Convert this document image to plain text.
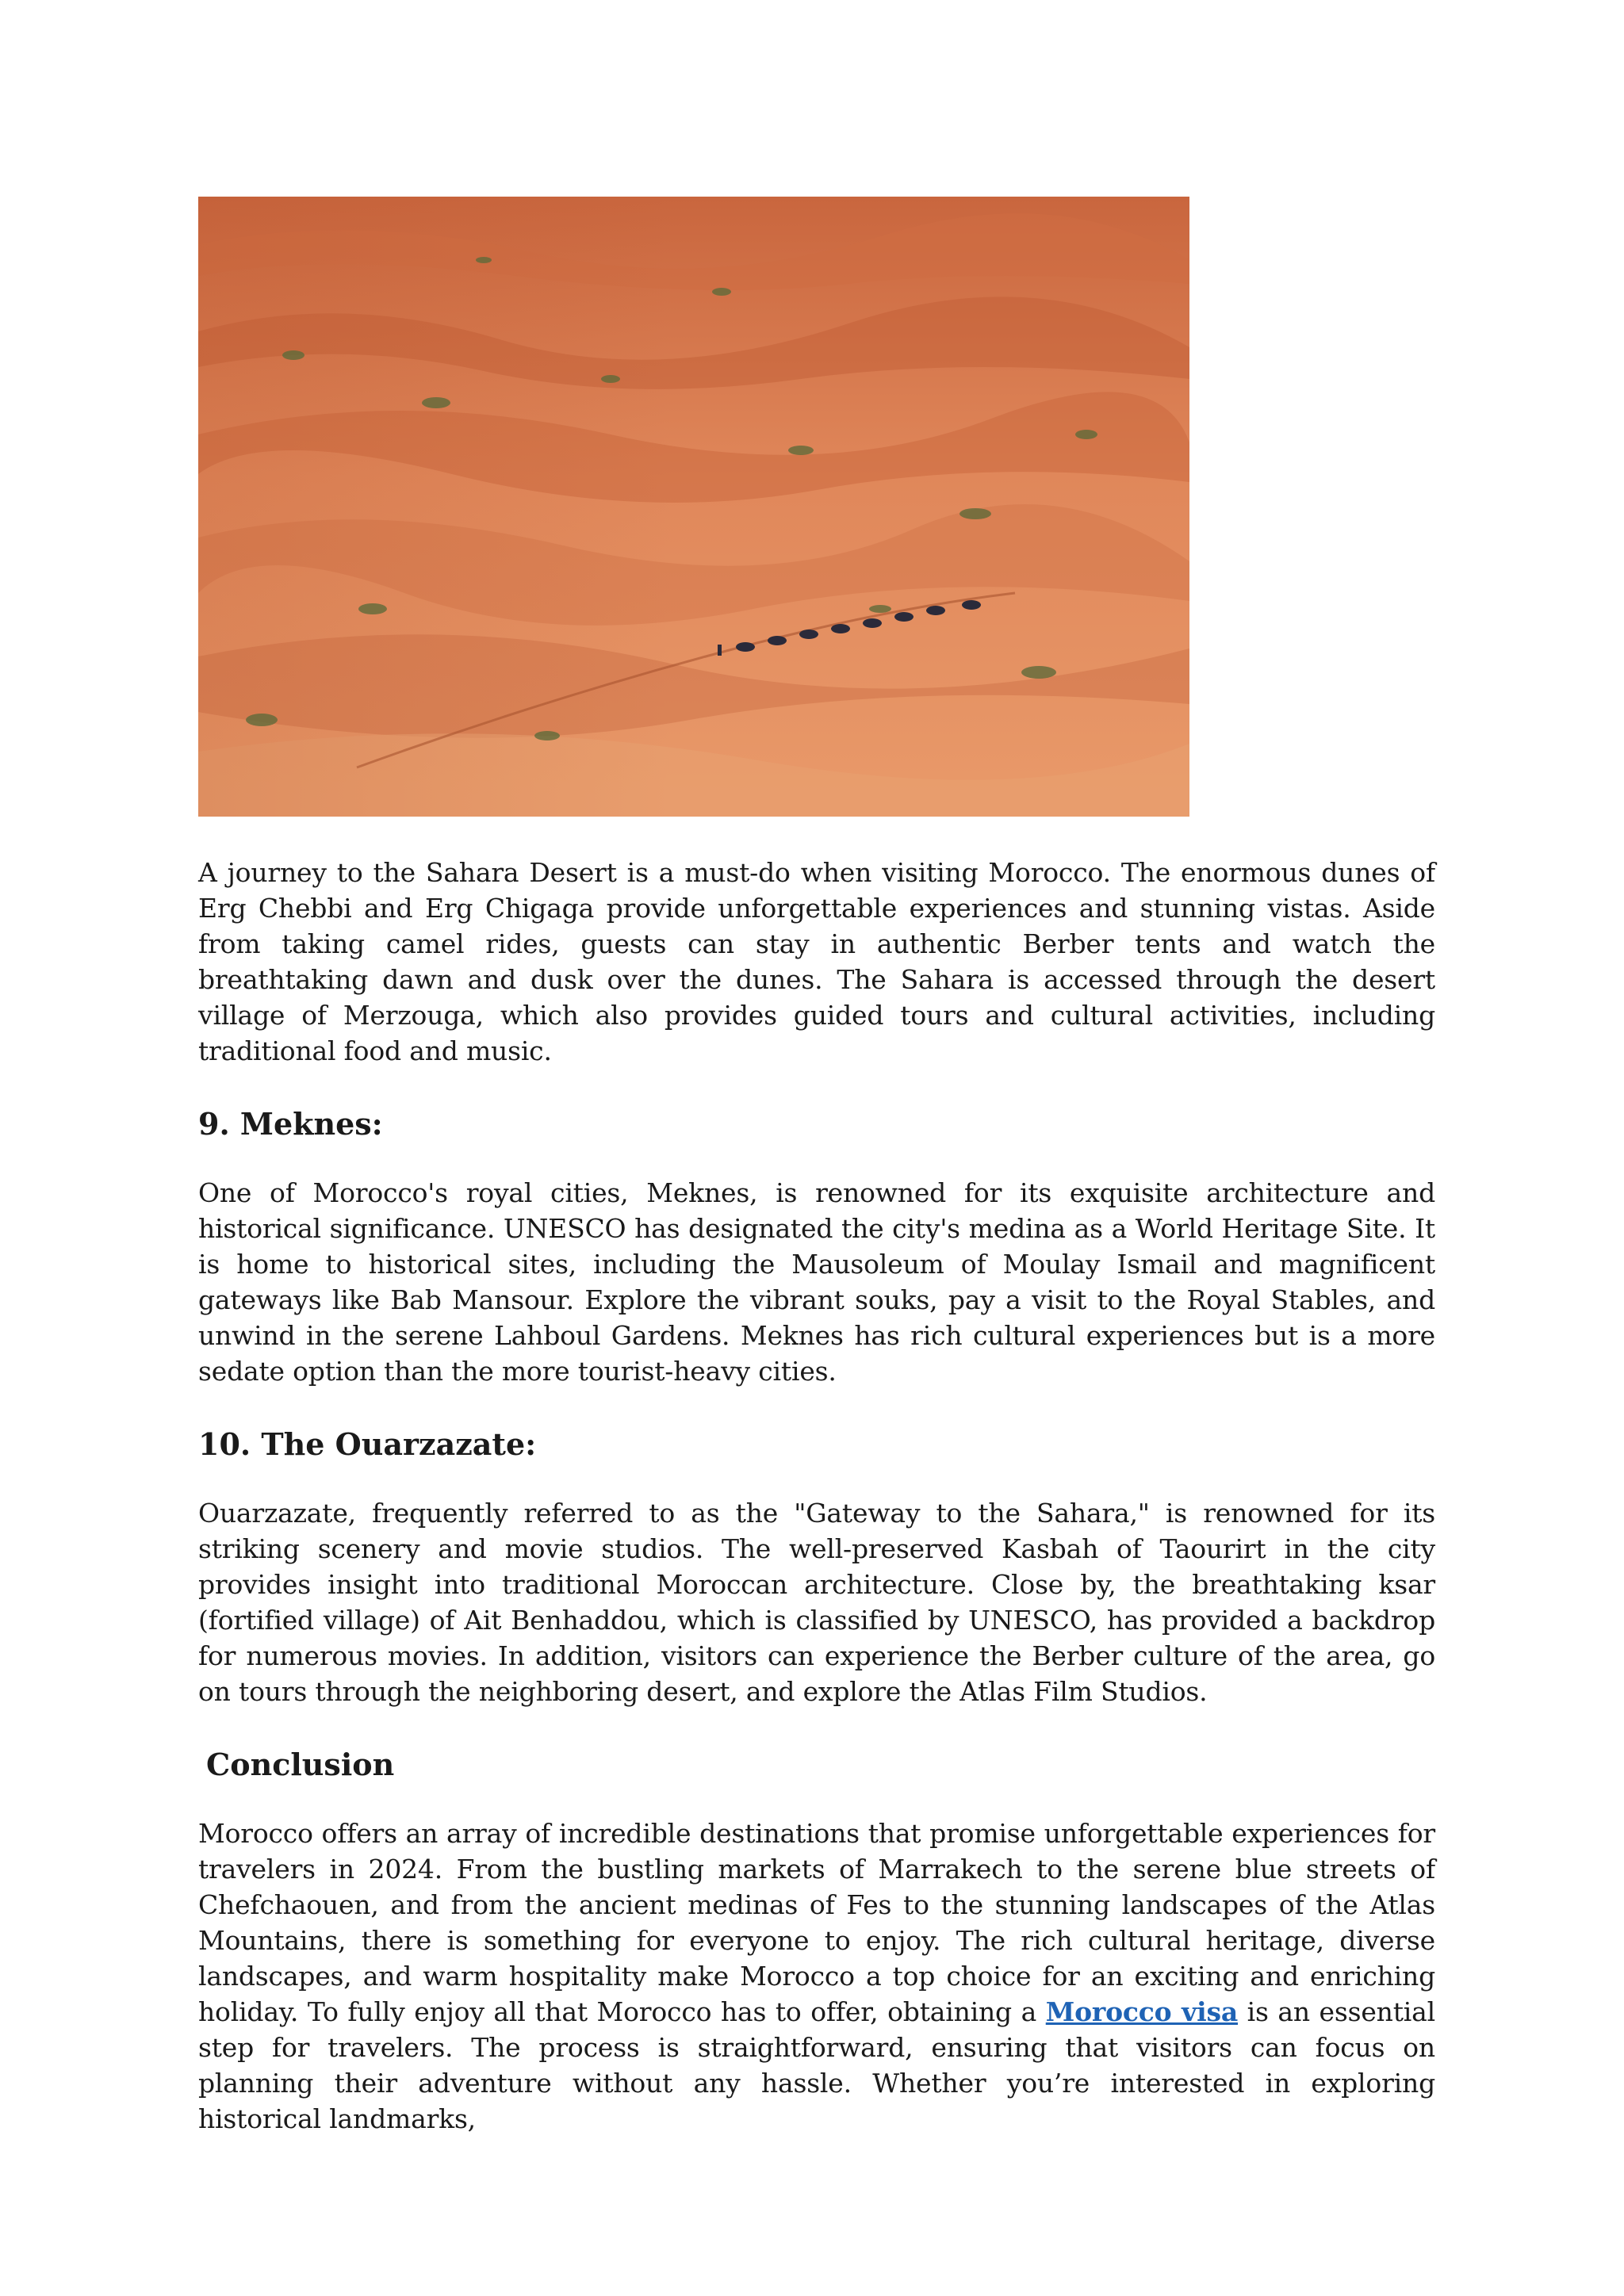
A journey to the Sahara Desert is a must-do when visiting Morocco. The enormous dunes of Erg Chebbi and Erg Chigaga provide unforgettable experiences and stunning vistas. Aside from taking camel rides, guests can stay in authentic Berber tents and watch the breathtaking dawn and dusk over the dunes. The Sahara is accessed through the desert village of Merzouga, which also provides guided tours and cultural activities, including traditional food and music.

9. Meknes:

One of Morocco's royal cities, Meknes, is renowned for its exquisite architecture and historical significance. UNESCO has designated the city's medina as a World Heritage Site. It is home to historical sites, including the Mausoleum of Moulay Ismail and magnificent gateways like Bab Mansour. Explore the vibrant souks, pay a visit to the Royal Stables, and unwind in the serene Lahboul Gardens. Meknes has rich cultural experiences but is a more sedate option than the more tourist-heavy cities.

10. The Ouarzazate:

Ouarzazate, frequently referred to as the "Gateway to the Sahara," is renowned for its striking scenery and movie studios. The well-preserved Kasbah of Taourirt in the city provides insight into traditional Moroccan architecture. Close by, the breathtaking ksar (fortified village) of Ait Benhaddou, which is classified by UNESCO, has provided a backdrop for numerous movies. In addition, visitors can experience the Berber culture of the area, go on tours through the neighboring desert, and explore the Atlas Film Studios.

Conclusion

Morocco offers an array of incredible destinations that promise unforgettable experiences for travelers in 2024. From the bustling markets of Marrakech to the serene blue streets of Chefchaouen, and from the ancient medinas of Fes to the stunning landscapes of the Atlas Mountains, there is something for everyone to enjoy. The rich cultural heritage, diverse landscapes, and warm hospitality make Morocco a top choice for an exciting and enriching holiday. To fully enjoy all that Morocco has to offer, obtaining a Morocco visa is an essential step for travelers. The process is straightforward, ensuring that visitors can focus on planning their adventure without any hassle. Whether you’re interested in exploring historical landmarks,
